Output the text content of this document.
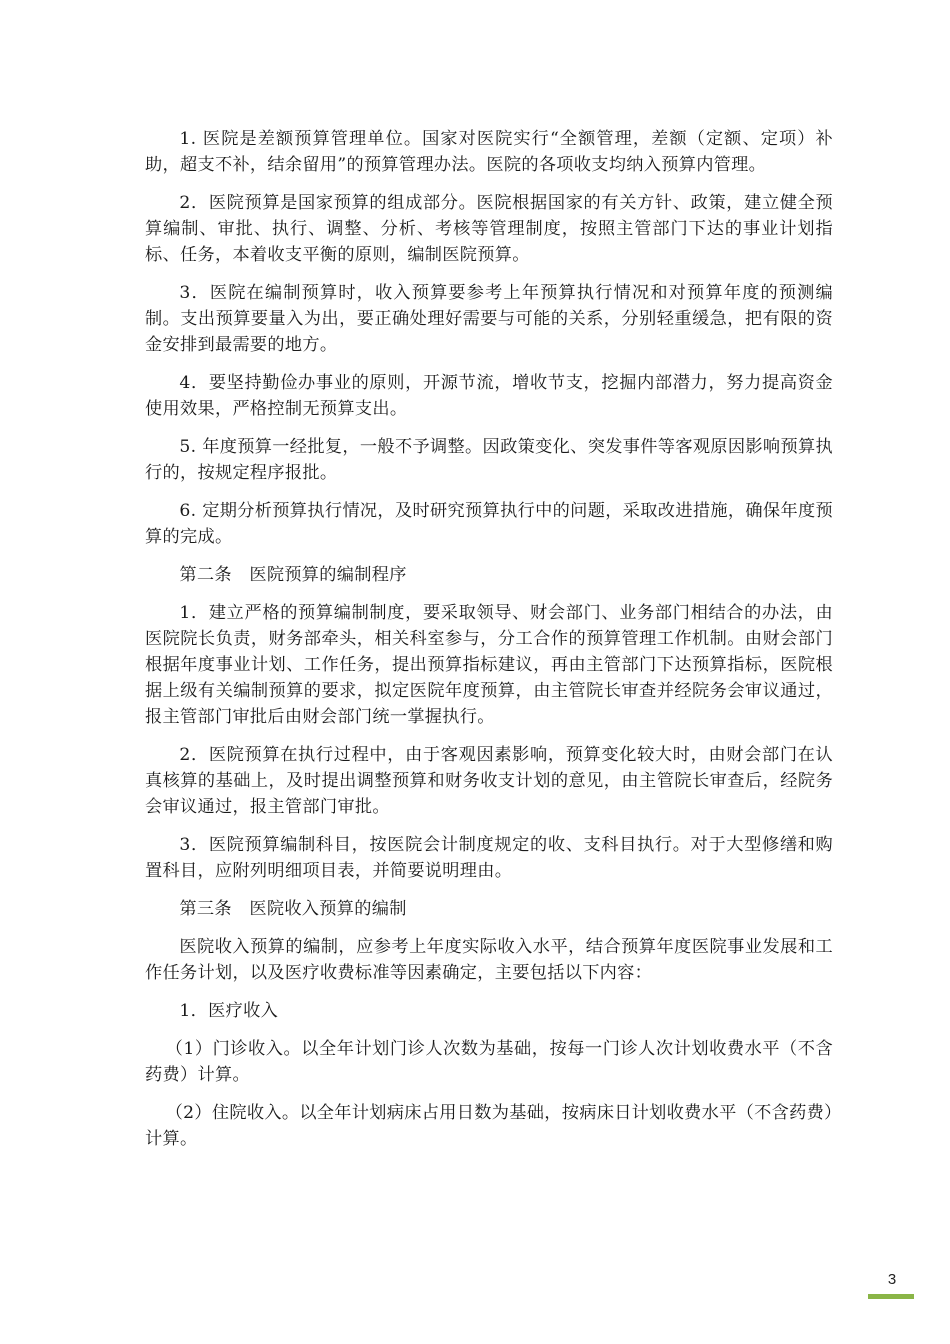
1. 医院是差额预算管理单位。国家对医院实行“全额管理，差额（定额、定项）补助，超支不补，结余留用”的预算管理办法。医院的各项收支均纳入预算内管理。

2．医院预算是国家预算的组成部分。医院根据国家的有关方针、政策，建立健全预算编制、审批、执行、调整、分析、考核等管理制度，按照主管部门下达的事业计划指标、任务，本着收支平衡的原则，编制医院预算。

3．医院在编制预算时，收入预算要参考上年预算执行情况和对预算年度的预测编制。支出预算要量入为出，要正确处理好需要与可能的关系，分别轻重缓急，把有限的资金安排到最需要的地方。

4．要坚持勤俭办事业的原则，开源节流，增收节支，挖掘内部潜力，努力提高资金使用效果，严格控制无预算支出。

5. 年度预算一经批复，一般不予调整。因政策变化、突发事件等客观原因影响预算执行的，按规定程序报批。

6. 定期分析预算执行情况，及时研究预算执行中的问题，采取改进措施，确保年度预算的完成。

第二条　医院预算的编制程序

1．建立严格的预算编制制度，要采取领导、财会部门、业务部门相结合的办法，由医院院长负责，财务部牵头，相关科室参与，分工合作的预算管理工作机制。由财会部门根据年度事业计划、工作任务，提出预算指标建议，再由主管部门下达预算指标，医院根据上级有关编制预算的要求，拟定医院年度预算，由主管院长审查并经院务会审议通过，报主管部门审批后由财会部门统一掌握执行。

2．医院预算在执行过程中，由于客观因素影响，预算变化较大时，由财会部门在认真核算的基础上，及时提出调整预算和财务收支计划的意见，由主管院长审查后，经院务会审议通过，报主管部门审批。

3．医院预算编制科目，按医院会计制度规定的收、支科目执行。对于大型修缮和购置科目，应附列明细项目表，并简要说明理由。

第三条　医院收入预算的编制

医院收入预算的编制，应参考上年度实际收入水平，结合预算年度医院事业发展和工作任务计划，以及医疗收费标准等因素确定，主要包括以下内容：

1．医疗收入

（1）门诊收入。以全年计划门诊人次数为基础，按每一门诊人次计划收费水平（不含药费）计算。

（2）住院收入。以全年计划病床占用日数为基础，按病床日计划收费水平（不含药费）计算。

3
